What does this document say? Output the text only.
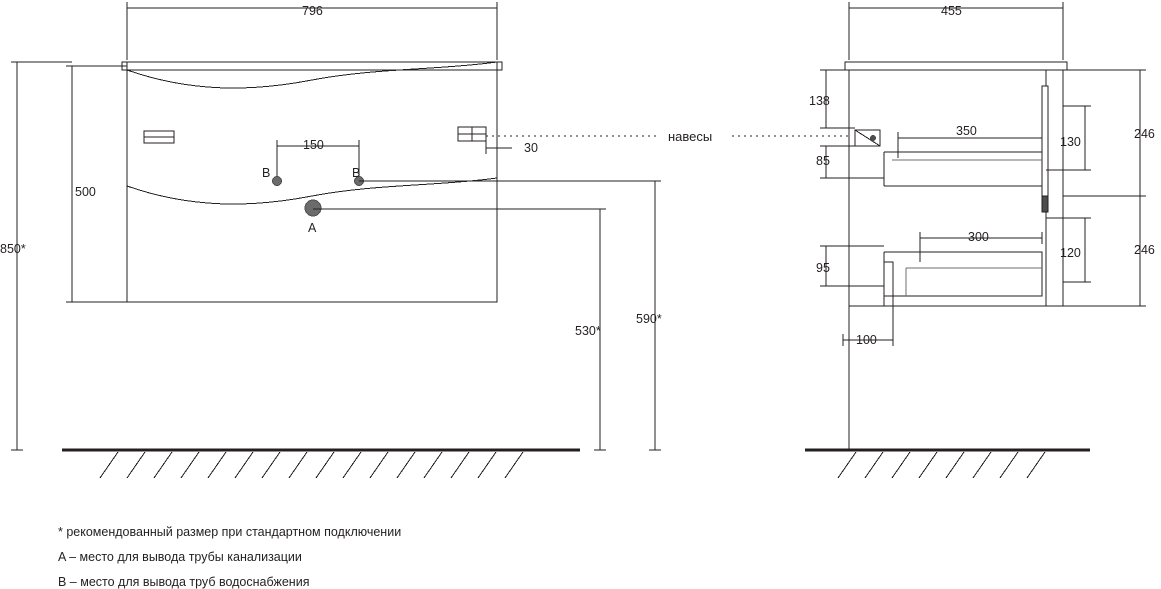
796
500
850*
150	30
530*
590*
B	B
A
навесы
455
138
85
95
100
350
300
130
120
246
246
* рекомендованный размер при стандартном подключении
A – место для вывода трубы канализации
B – место для вывода труб водоснабжения
